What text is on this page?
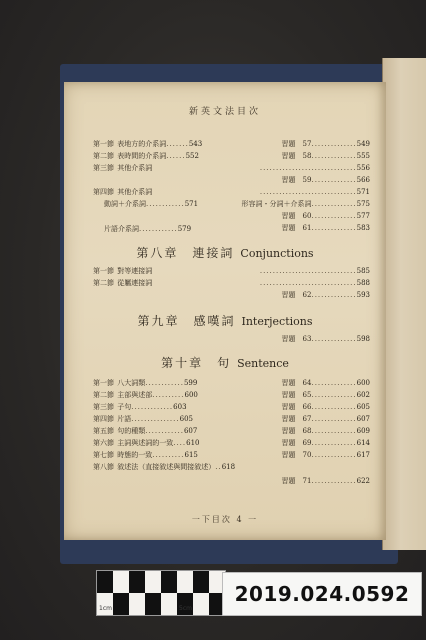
新英文法目次
第八章　連接詞 Conjunctions
第九章　感嘆詞 Interjections
第十章　句 Sentence
一下目次 4 一
第一節 表地方的介系詞.......543
第二節 表時間的介系詞......552
第三節 其他介系詞
第四節 其他介系詞
動詞＋介系詞............571
片語介系詞............579
第一節 對等連接詞
第二節 從屬連接詞
第一節 八大詞類............599
第二節 主部與述部..........600
第三節 子句.............603
第四節 片語...............605
第五節 句的種類............607
第六節 主詞與述詞的一致....610
第七節 時態的一致..........615
第八節 敘述法（直接敘述與間接敘述）..618
習題　57..............549
習題　58..............555
..............................556
習題　59..............566
..............................571
形容詞・分詞＋介系詞..............575
習題　60..............577
習題　61..............583
..............................585
..............................588
習題　62..............593
習題　63..............598
習題　64..............600
習題　65..............602
習題　66..............605
習題　67..............607
習題　68..............609
習題　69..............614
習題　70..............617
習題　71..............622
1cm	5cm
2019.024.0592
